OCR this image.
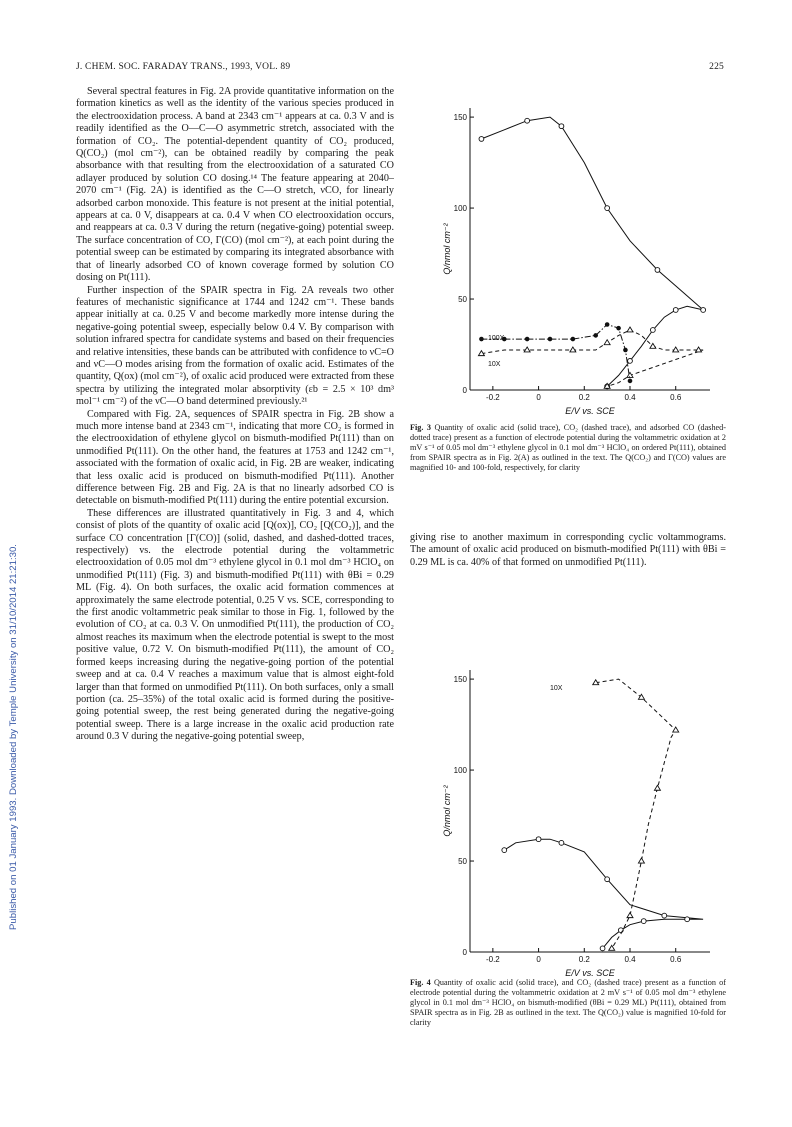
J. CHEM. SOC. FARADAY TRANS., 1993, VOL. 89	225
Published on 01 January 1993. Downloaded by Temple University on 31/10/2014 21:21:30.

Several spectral features in Fig. 2A provide quantitative information on the formation kinetics as well as the identity of the various species produced in the electrooxidation process. A band at 2343 cm⁻¹ appears at ca. 0.3 V and is readily identified as the O—C—O asymmetric stretch, associated with the formation of CO₂. The potential-dependent quantity of CO₂ produced, Q(CO₂) (mol cm⁻²), can be obtained readily by comparing the peak absorbance with that resulting from the electrooxidation of a saturated CO adlayer produced by solution CO dosing.¹⁴ The feature appearing at 2040–2070 cm⁻¹ (Fig. 2A) is identified as the C—O stretch, νCO, for linearly adsorbed carbon monoxide. This feature is not present at the initial potential, appears at ca. 0 V, disappears at ca. 0.4 V when CO electrooxidation occurs, and reappears at ca. 0.3 V during the return (negative-going) potential sweep. The surface concentration of CO, Γ(CO) (mol cm⁻²), at each point during the potential sweep can be estimated by comparing its integrated absorbance with that of linearly adsorbed CO of known coverage formed by solution CO dosing on Pt(111).

Further inspection of the SPAIR spectra in Fig. 2A reveals two other features of mechanistic significance at 1744 and 1242 cm⁻¹. These bands appear initially at ca. 0.25 V and become markedly more intense during the negative-going potential sweep, especially below 0.4 V. By comparison with solution infrared spectra for candidate systems and based on their frequencies and relative intensities, these bands can be attributed with confidence to νC=O and νC—O modes arising from the formation of oxalic acid. Estimates of the quantity, Q(ox) (mol cm⁻²), of oxalic acid produced were extracted from these spectra by utilizing the integrated molar absorptivity (εb = 2.5 × 10³ dm³ mol⁻¹ cm⁻²) of the νC—O band determined previously.²¹

Compared with Fig. 2A, sequences of SPAIR spectra in Fig. 2B show a much more intense band at 2343 cm⁻¹, indicating that more CO₂ is formed in the electrooxidation of ethylene glycol on bismuth-modified Pt(111) than on unmodified Pt(111). On the other hand, the features at 1753 and 1242 cm⁻¹, associated with the formation of oxalic acid, in Fig. 2B are weaker, indicating that less oxalic acid is produced on bismuth-modified Pt(111). Another difference between Fig. 2B and Fig. 2A is that no linearly adsorbed CO is detectable on bismuth-modified Pt(111) during the entire potential excursion.

These differences are illustrated quantitatively in Fig. 3 and 4, which consist of plots of the quantity of oxalic acid [Q(ox)], CO₂ [Q(CO₂)], and the surface CO concentration [Γ(CO)] (solid, dashed, and dashed-dotted traces, respectively) vs. the electrode potential during the voltammetric electrooxidation of 0.05 mol dm⁻³ ethylene glycol in 0.1 mol dm⁻³ HClO₄ on unmodified Pt(111) (Fig. 3) and bismuth-modified Pt(111) with θBi = 0.29 ML (Fig. 4). On both surfaces, the oxalic acid formation commences at approximately the same electrode potential, 0.25 V vs. SCE, corresponding to the first anodic voltammetric peak similar to those in Fig. 1, followed by the evolution of CO₂ at ca. 0.3 V. On unmodified Pt(111), the production of CO₂ almost reaches its maximum when the electrode potential is swept to the most positive value, 0.72 V. On bismuth-modified Pt(111), the amount of CO₂ formed keeps increasing during the negative-going portion of the potential sweep and at ca. 0.4 V reaches a maximum value that is almost eight-fold larger than that formed on unmodified Pt(111). On both surfaces, only a small portion (ca. 25–35%) of the total oxalic acid is formed during the positive-going potential sweep, the rest being generated during the negative-going potential sweep. There is a large increase in the oxalic acid production rate around 0.3 V during the negative-going potential sweep,

-0.2	0	0.2	0.4	0.6
0
50
100
150
E/V vs. SCE
Q/nmol cm⁻²
100X
10X
Fig. 3 Quantity of oxalic acid (solid trace), CO₂ (dashed trace), and adsorbed CO (dashed-dotted trace) present as a function of electrode potential during the voltammetric oxidation at 2 mV s⁻¹ of 0.05 mol dm⁻³ ethylene glycol in 0.1 mol dm⁻³ HClO₄ on ordered Pt(111), obtained from SPAIR spectra as in Fig. 2(A) as outlined in the text. The Q(CO₂) and Γ(CO) values are magnified 10- and 100-fold, respectively, for clarity

giving rise to another maximum in corresponding cyclic voltammograms. The amount of oxalic acid produced on bismuth-modified Pt(111) with θBi = 0.29 ML is ca. 40% of that formed on unmodified Pt(111).

-0.2	0	0.2	0.4	0.6
0
50
100
150
E/V vs. SCE
Q/nmol cm⁻²
10X
Fig. 4 Quantity of oxalic acid (solid trace), and CO₂ (dashed trace) present as a function of electrode potential during the voltammetric oxidation at 2 mV s⁻¹ of 0.05 mol dm⁻³ ethylene glycol in 0.1 mol dm⁻³ HClO₄ on bismuth-modified (θBi = 0.29 ML) Pt(111), obtained from SPAIR spectra as in Fig. 2B as outlined in the text. The Q(CO₂) value is magnified 10-fold for clarity
